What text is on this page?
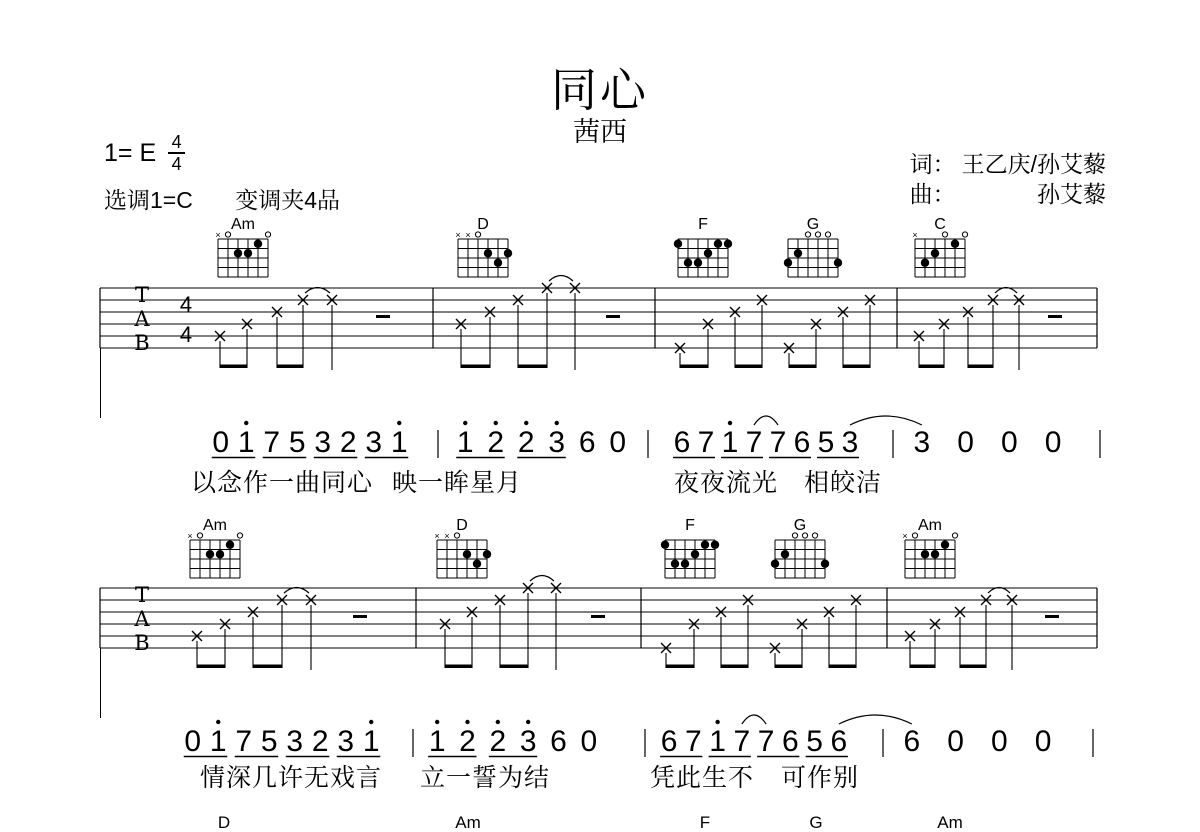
同心
茜西
1= E $\frac{4}{4}$
选调1=C 变调夹4品
词： 王乙庆/孙艾藜
曲：	孙艾藜
Am
×
D
× ×
F	G	C
×
T
A
B
4
4
0 1 7 5 3 2 3 1 1 2 2 3 6 0 6 7 1 7 7 6 5 3 3 0 0 0
以念作一曲同心 映一眸星月	夜夜流光 相皎洁
Am
×
D
× ×
F	G	Am
×
T
A
B
0 1 7 5 3 2 3 1 1 2 2 3 6 0 6 7 1 7 7 6 5 6 6 0 0 0
情深几许无戏言 立一誓为结	凭此生不 可作别
D	Am	F	G	Am
